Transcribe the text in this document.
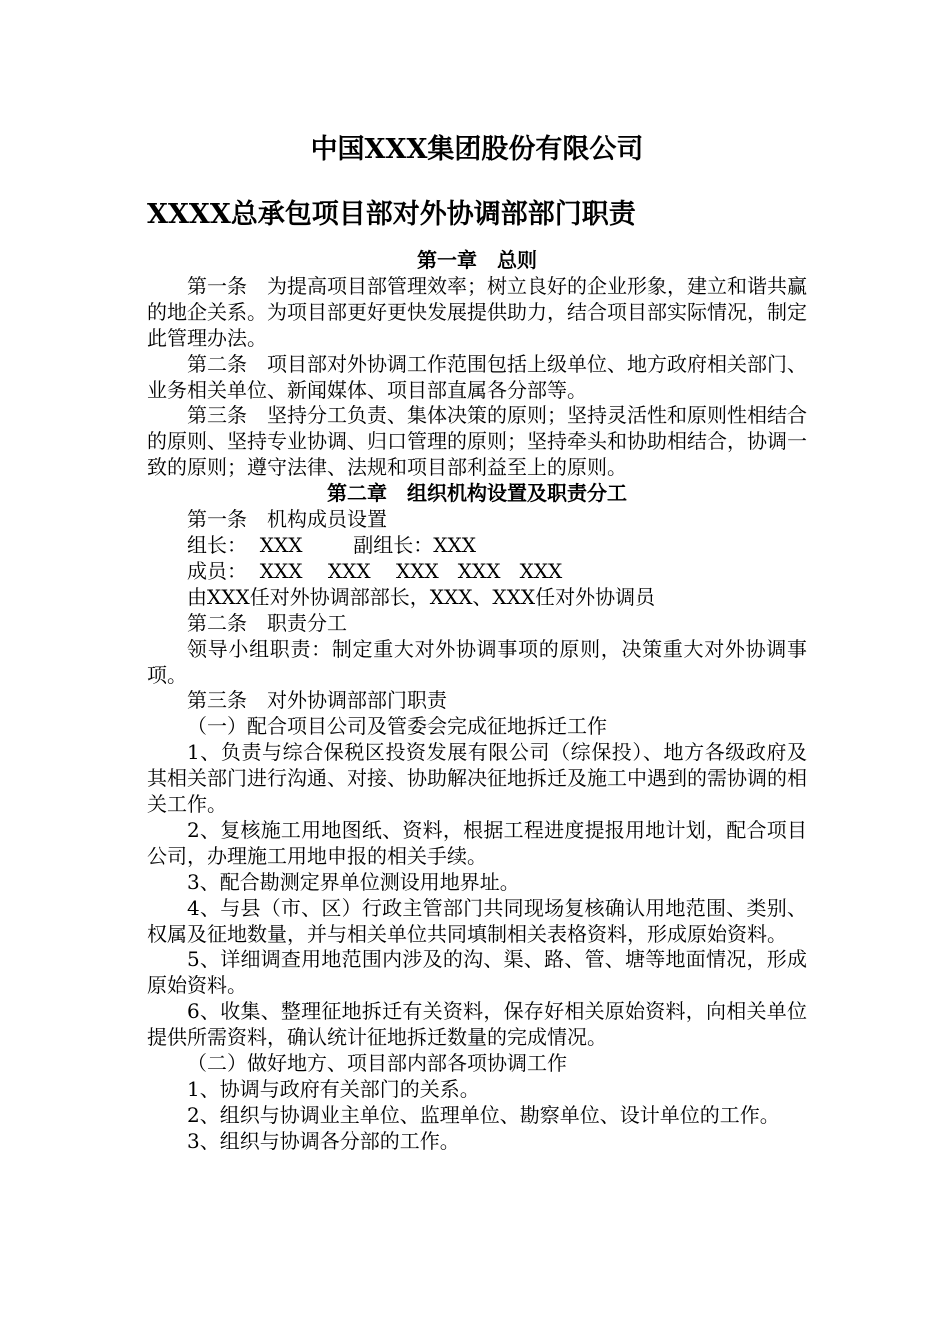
中国XXX集团股份有限公司
XXXX总承包项目部对外协调部部门职责

第一章　总则

第一条　为提高项目部管理效率；树立良好的企业形象，建立和谐共赢的地企关系。为项目部更好更快发展提供助力，结合项目部实际情况，制定此管理办法。

第二条　项目部对外协调工作范围包括上级单位、地方政府相关部门、业务相关单位、新闻媒体、项目部直属各分部等。

第三条　坚持分工负责、集体决策的原则；坚持灵活性和原则性相结合的原则、坚持专业协调、归口管理的原则；坚持牵头和协助相结合，协调一致的原则；遵守法律、法规和项目部利益至上的原则。

第二章　组织机构设置及职责分工

第一条　机构成员设置

组长：  XXX        副组长：XXX

成员：  XXX    XXX    XXX   XXX   XXX

由XXX任对外协调部部长，XXX、XXX任对外协调员

第二条　职责分工

领导小组职责：制定重大对外协调事项的原则，决策重大对外协调事项。

第三条　对外协调部部门职责

（一）配合项目公司及管委会完成征地拆迁工作

1、负责与综合保税区投资发展有限公司（综保投）、地方各级政府及其相关部门进行沟通、对接、协助解决征地拆迁及施工中遇到的需协调的相关工作。

2、复核施工用地图纸、资料，根据工程进度提报用地计划，配合项目公司，办理施工用地申报的相关手续。

3、配合勘测定界单位测设用地界址。

4、与县（市、区）行政主管部门共同现场复核确认用地范围、类别、权属及征地数量，并与相关单位共同填制相关表格资料，形成原始资料。

5、详细调查用地范围内涉及的沟、渠、路、管、塘等地面情况，形成原始资料。

6、收集、整理征地拆迁有关资料，保存好相关原始资料，向相关单位提供所需资料，确认统计征地拆迁数量的完成情况。

（二）做好地方、项目部内部各项协调工作

1、协调与政府有关部门的关系。

2、组织与协调业主单位、监理单位、勘察单位、设计单位的工作。

3、组织与协调各分部的工作。
